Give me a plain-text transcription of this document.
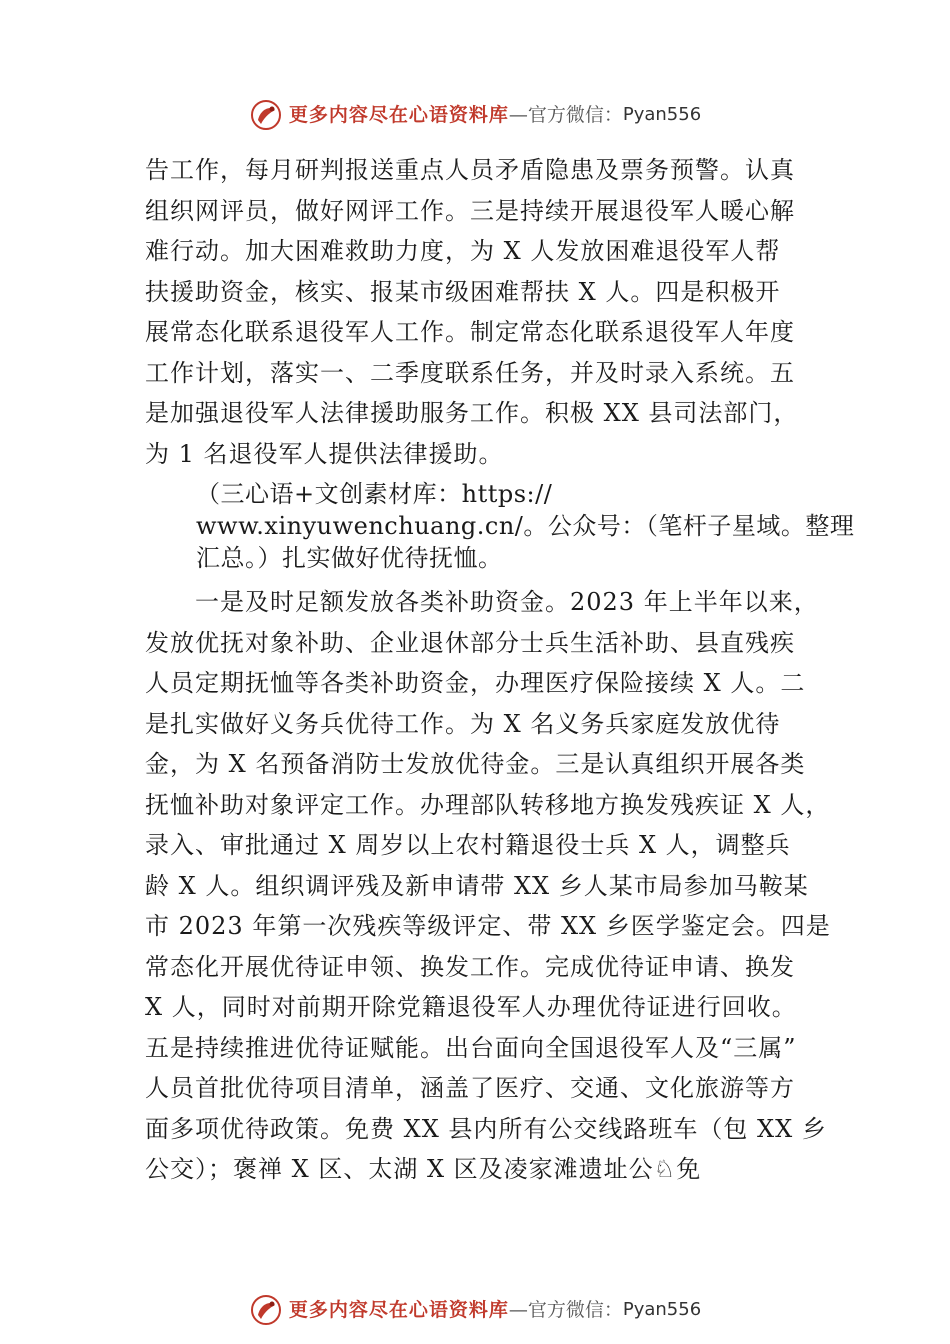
更多内容尽在心语资料库 —官方微信： Pyan556
告工作，每月研判报送重点人员矛盾隐患及票务预警。认真
组织网评员，做好网评工作。三是持续开展退役军人暖心解
难行动。加大困难救助力度，为 X 人发放困难退役军人帮
扶援助资金，核实、报某市级困难帮扶 X 人。四是积极开
展常态化联系退役军人工作。制定常态化联系退役军人年度
工作计划，落实一、二季度联系任务，并及时录入系统。五
是加强退役军人法律援助服务工作。积极 XX 县司法部门，
为 1 名退役军人提供法律援助。
（三心语+文创素材库：https://
www.xinyuwenchuang.cn/。公众号：（笔杆子星域。整理
汇总。）扎实做好优待抚恤。
　　一是及时足额发放各类补助资金。2023 年上半年以来，
发放优抚对象补助、企业退休部分士兵生活补助、县直残疾
人员定期抚恤等各类补助资金，办理医疗保险接续 X 人。二
是扎实做好义务兵优待工作。为 X 名义务兵家庭发放优待
金，为 X 名预备消防士发放优待金。三是认真组织开展各类
抚恤补助对象评定工作。办理部队转移地方换发残疾证 X 人，
录入、审批通过 X 周岁以上农村籍退役士兵 X 人，调整兵
龄 X 人。组织调评残及新申请带 XX 乡人某市局参加马鞍某
市 2023 年第一次残疾等级评定、带 XX 乡医学鉴定会。四是
常态化开展优待证申领、换发工作。完成优待证申请、换发
X 人，同时对前期开除党籍退役军人办理优待证进行回收。
五是持续推进优待证赋能。出台面向全国退役军人及“三属”
人员首批优待项目清单，涵盖了医疗、交通、文化旅游等方
面多项优待政策。免费 XX 县内所有公交线路班车（包 XX 乡
公交）；褒禅 X 区、太湖 X 区及凌家滩遗址公♘免
更多内容尽在心语资料库 —官方微信： Pyan556
